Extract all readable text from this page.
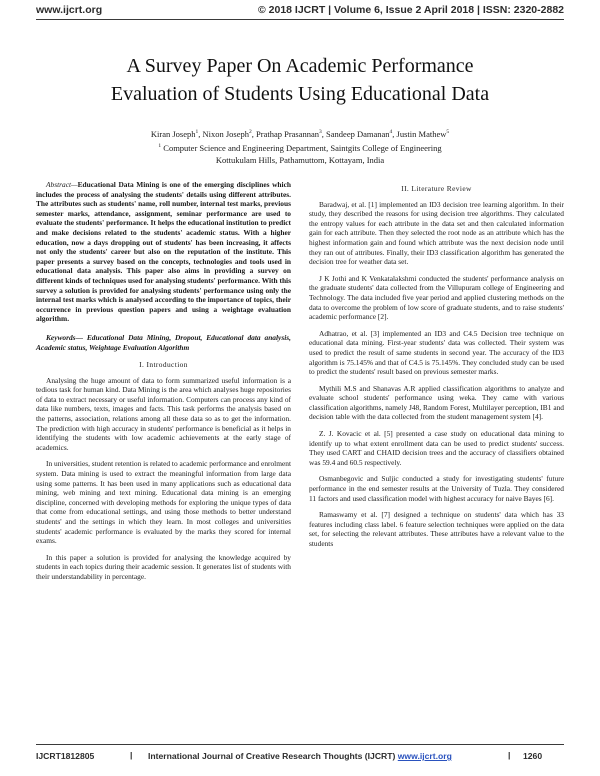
www.ijcrt.org	© 2018 IJCRT | Volume 6, Issue 2 April 2018 | ISSN: 2320-2882
A Survey Paper On Academic Performance
Evaluation of Students Using Educational Data
Kiran Joseph$^1$, Nixon Joseph$^2$, Prathap Prasannan$^3$, Sandeep Damanan$^4$, Justin Mathew$^5$
$^1$ Computer Science and Engineering Department, Saintgits College of Engineering
Kottukulam Hills, Pathamuttom, Kottayam, India

Abstract—Educational Data Mining is one of the emerging disciplines which includes the process of analysing the students' details using different attributes. The attributes such as students' name, roll number, internal test marks, previous semester marks, attendance, assignment, seminar performance are used to evaluate the students' performance. It helps the educational institution to predict and make decisions related to the students' academic status. With a higher education, now a days dropping out of students' has been increasing, it affects not only the students' career but also on the reputation of the institute. This paper presents a survey based on the concepts, technologies and tools used in educational data analysis. This paper also aims in providing a survey on different kinds of techniques used for analysing students' performance. With this survey a solution is provided for analysing students' performance using only the internal test marks which is analysed according to the importance of topics, their occurrence in previous question papers and using a weightage evaluation algorithm.

Keywords— Educational Data Mining, Dropout, Educational data analysis, Academic status, Weightage Evaluation Algorithm

I. Introduction

Analysing the huge amount of data to form summarized useful information is a tedious task for human kind. Data Mining is the area which analyses huge repositories of data to extract necessary or useful information. Computers can process any kind of data like numbers, texts, images and facts. This task performs the analysis based on the patterns, association, relations among all these data so as to get the information. The prediction with high accuracy in students' performance is beneficial as it helps in identifying the students with low academic achievements at the early stage of academics.

In universities, student retention is related to academic performance and enrolment system. Data mining is used to extract the meaningful information from large data using some patterns. It has been used in many applications such as educational data mining, web mining and text mining. Educational data mining is an emerging discipline, concerned with developing methods for exploring the unique types of data that come from educational settings, and using those methods to better understand students' and the settings in which they learn. In most colleges and universities students' academic performance is evaluated by the marks they scored for internal exams.

In this paper a solution is provided for analysing the knowledge acquired by students in each topics during their academic session. It generates list of students with their understandability in percentage.

II. Literature Review

Baradwaj, et al. [1] implemented an ID3 decision tree learning algorithm. In their study, they described the reasons for using decision tree algorithms. They calculated the entropy values for each attribute in the data set and then calculated information gain for each attribute. Then they selected the root node as an attribute which has the highest information gain and found which attribute was the next decision node until they ran out of attributes. Finally, their ID3 classification algorithm has generated the decision tree for weather data set.

J K Jothi and K Venkatalakshmi conducted the students' performance analysis on the graduate students' data collected from the Villupuram college of Engineering and Technology. The data included five year period and applied clustering methods on the data to overcome the problem of low score of graduate students, and to raise students' academic performance [2].

Adhatrao, et al. [3] implemented an ID3 and C4.5 Decision tree technique on educational data mining. First-year students' data was collected. Their system was used to predict the result of same students in second year. The accuracy of the ID3 algorithm is 75.145% and that of C4.5 is 75.145%. They concluded study can be used to predict the students' result based on previous semester marks.

Mythili M.S and Shanavas A.R applied classification algorithms to analyze and evaluate school students' performance using weka. They came with various classification algorithms, namely J48, Random Forest, Multilayer perception, IB1 and decision table with the data collected from the student management system [4].

Z. J. Kovacic et al. [5] presented a case study on educational data mining to identify up to what extent enrollment data can be used to predict students' success. They used CART and CHAID decision trees and the accuracy of classifiers obtained was 59.4 and 60.5 respectively.

Osmanbegovic and Suljic conducted a study for investigating students' future performance in the end semester results at the University of Tuzla. They considered 11 factors and used classification model with highest accuracy for naive Bayes [6].

Ramaswamy et al. [7] designed a technique on students' data which has 33 features including class label. 6 feature selection techniques were applied on the data set, for selecting the relevant attributes. These attributes have a relevant value to the students

IJCRT1812805	| International Journal of Creative Research Thoughts (IJCRT) www.ijcrt.org	| 1260
